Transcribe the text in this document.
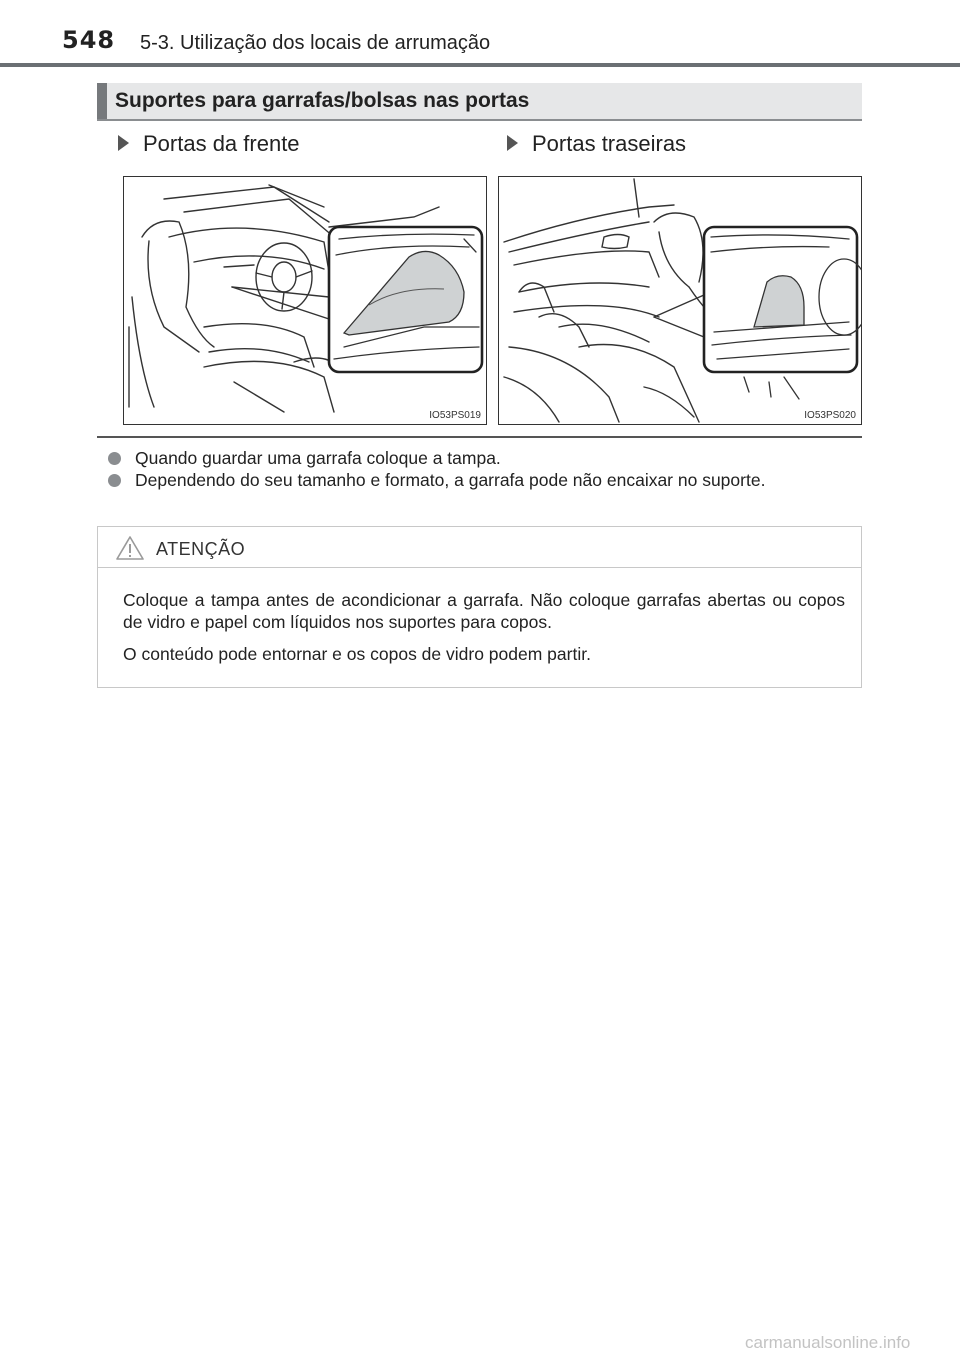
548 5-3. Utilização dos locais de arrumação
Suportes para garrafas/bolsas nas portas
Portas da frente	Portas traseiras
IO53PS019	IO53PS020
Quando guardar uma garrafa coloque a tampa.
Dependendo do seu tamanho e formato, a garrafa pode não encaixar no suporte.
ATENÇÃO
Coloque a tampa antes de acondicionar a garrafa. Não coloque garrafas abertas ou copos de vidro e papel com líquidos nos suportes para copos.
O conteúdo pode entornar e os copos de vidro podem partir.
carmanualsonline.info
